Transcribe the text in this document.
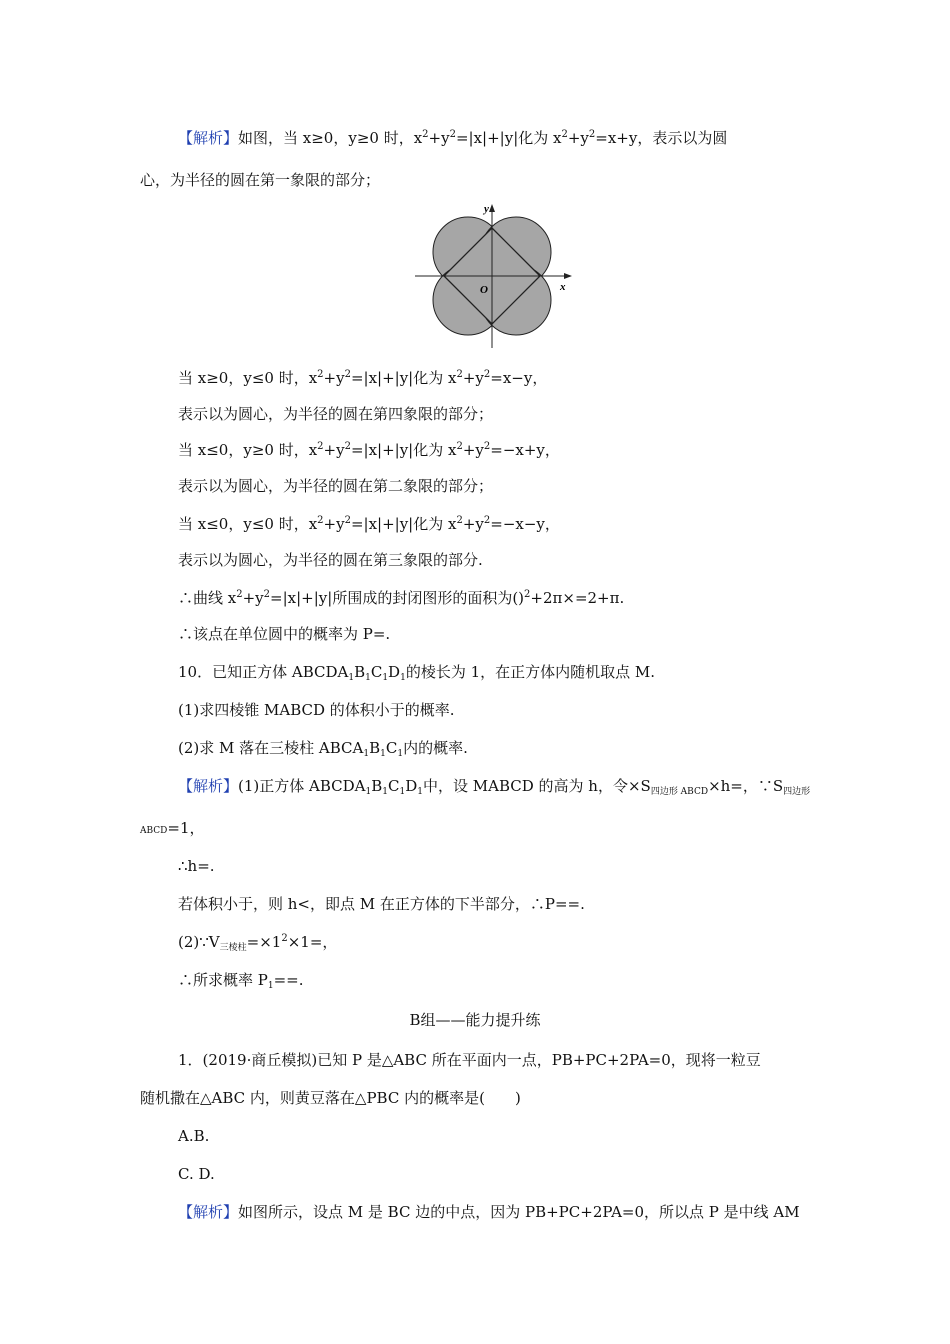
【解析】如图，当 x≥0，y≥0 时，$x^2+y^2=|x|+|y|$化为 $x^2+y^2=x+y$，表示以为圆
心，为半径的圆在第一象限的部分；
x
y
O
当 x≥0，y≤0 时，$x^2+y^2=|x|+|y|$化为 $x^2+y^2=x-y$，
表示以为圆心，为半径的圆在第四象限的部分；
当 x≤0，y≥0 时，$x^2+y^2=|x|+|y|$化为 $x^2+y^2=-x+y$，
表示以为圆心，为半径的圆在第二象限的部分；
当 x≤0，y≤0 时，$x^2+y^2=|x|+|y|$化为 $x^2+y^2=-x-y$，
表示以为圆心，为半径的圆在第三象限的部分.
∴曲线 $x^2+y^2=|x|+|y|$所围成的封闭图形的面积为()$^2$+2π×=2+π.
∴该点在单位圆中的概率为 P=.
10．已知正方体 $ABCDA_1B_1C_1D_1$的棱长为 1，在正方体内随机取点 M.
(1)求四棱锥 MABCD 的体积小于的概率.
(2)求 M 落在三棱柱 $ABCA_1B_1C_1$内的概率.
【解析】(1)正方体 $ABCDA_1B_1C_1D_1$中，设 MABCD 的高为 h，令$\times S_{四边形 ABCD}\times h=$，$\because S_{四边形}$
ABCD=1，
∴h=.
若体积小于，则 h<，即点 M 在正方体的下半部分，∴P==.
$(2)\because V_{三棱柱}=\times 1^2\times 1=$，
∴所求概率 $P_1==$.
B组——能力提升练
1．(2019·商丘模拟)已知 P 是△ABC 所在平面内一点，PB+PC+2PA=0，现将一粒豆
随机撒在△ABC 内，则黄豆落在△PBC 内的概率是(　　)
A.B.
C. D.
【解析】如图所示，设点 M 是 BC 边的中点，因为 PB+PC+2PA=0，所以点 P 是中线 AM
